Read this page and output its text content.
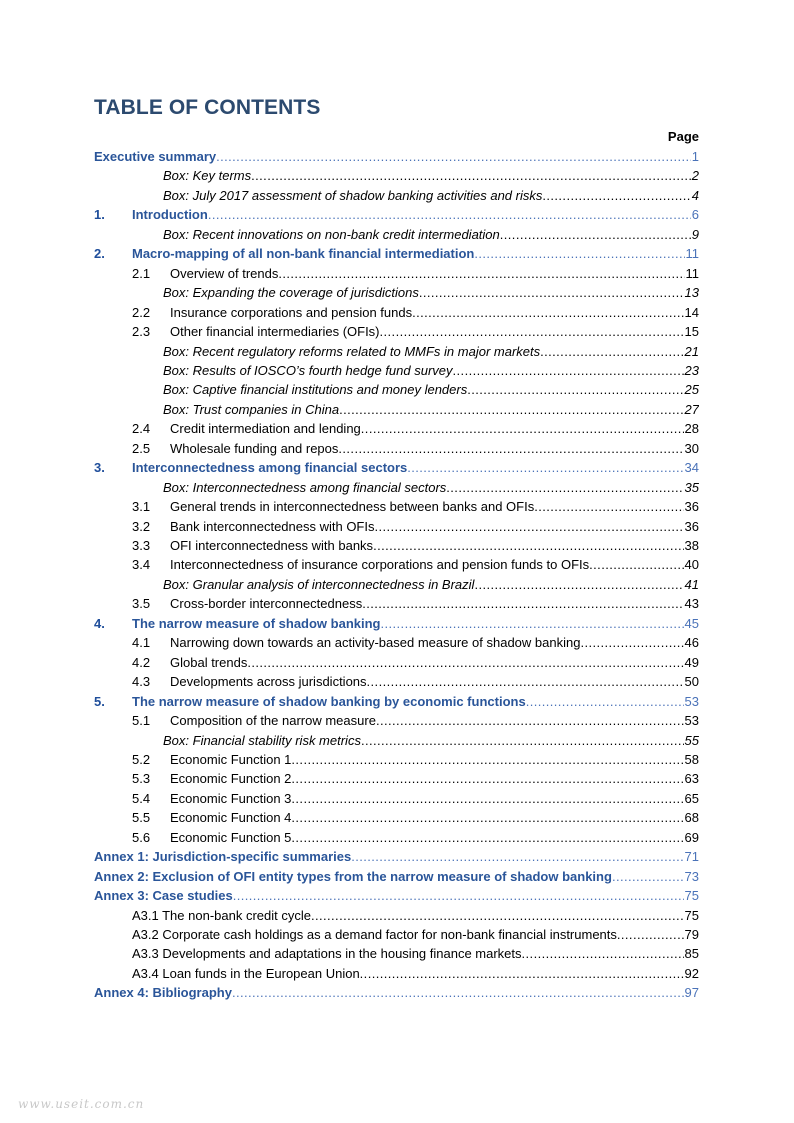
TABLE OF CONTENTS
Page
Executive summary .....	1
Box: Key terms .....	2
Box: July 2017 assessment of shadow banking activities and risks .....	4
1. Introduction .....	6
Box: Recent innovations on non-bank credit intermediation .....	9
2. Macro-mapping of all non-bank financial intermediation .....	11
2.1 Overview of trends .....	11
Box: Expanding the coverage of jurisdictions .....	13
2.2 Insurance corporations and pension funds .....	14
2.3 Other financial intermediaries (OFIs) .....	15
Box: Recent regulatory reforms related to MMFs in major markets .....	21
Box: Results of IOSCO’s fourth hedge fund survey .....	23
Box: Captive financial institutions and money lenders .....	25
Box: Trust companies in China .....	27
2.4 Credit intermediation and lending .....	28
2.5 Wholesale funding and repos .....	30
3. Interconnectedness among financial sectors .....	34
Box: Interconnectedness among financial sectors .....	35
3.1 General trends in interconnectedness between banks and OFIs .....	36
3.2 Bank interconnectedness with OFIs .....	36
3.3 OFI interconnectedness with banks .....	38
3.4 Interconnectedness of insurance corporations and pension funds to OFIs .....	40
Box: Granular analysis of interconnectedness in Brazil .....	41
3.5 Cross-border interconnectedness .....	43
4. The narrow measure of shadow banking .....	45
4.1 Narrowing down towards an activity-based measure of shadow banking .....	46
4.2 Global trends .....	49
4.3 Developments across jurisdictions .....	50
5. The narrow measure of shadow banking by economic functions .....	53
5.1 Composition of the narrow measure .....	53
Box: Financial stability risk metrics .....	55
5.2 Economic Function 1 .....	58
5.3 Economic Function 2 .....	63
5.4 Economic Function 3 .....	65
5.5 Economic Function 4 .....	68
5.6 Economic Function 5 .....	69
Annex 1: Jurisdiction-specific summaries .....	71
Annex 2: Exclusion of OFI entity types from the narrow measure of shadow banking .....	73
Annex 3: Case studies .....	75
A3.1 The non-bank credit cycle .....	75
A3.2 Corporate cash holdings as a demand factor for non-bank financial instruments .....	79
A3.3 Developments and adaptations in the housing finance markets .....	85
A3.4 Loan funds in the European Union .....	92
Annex 4: Bibliography .....	97
www.useit.com.cn
